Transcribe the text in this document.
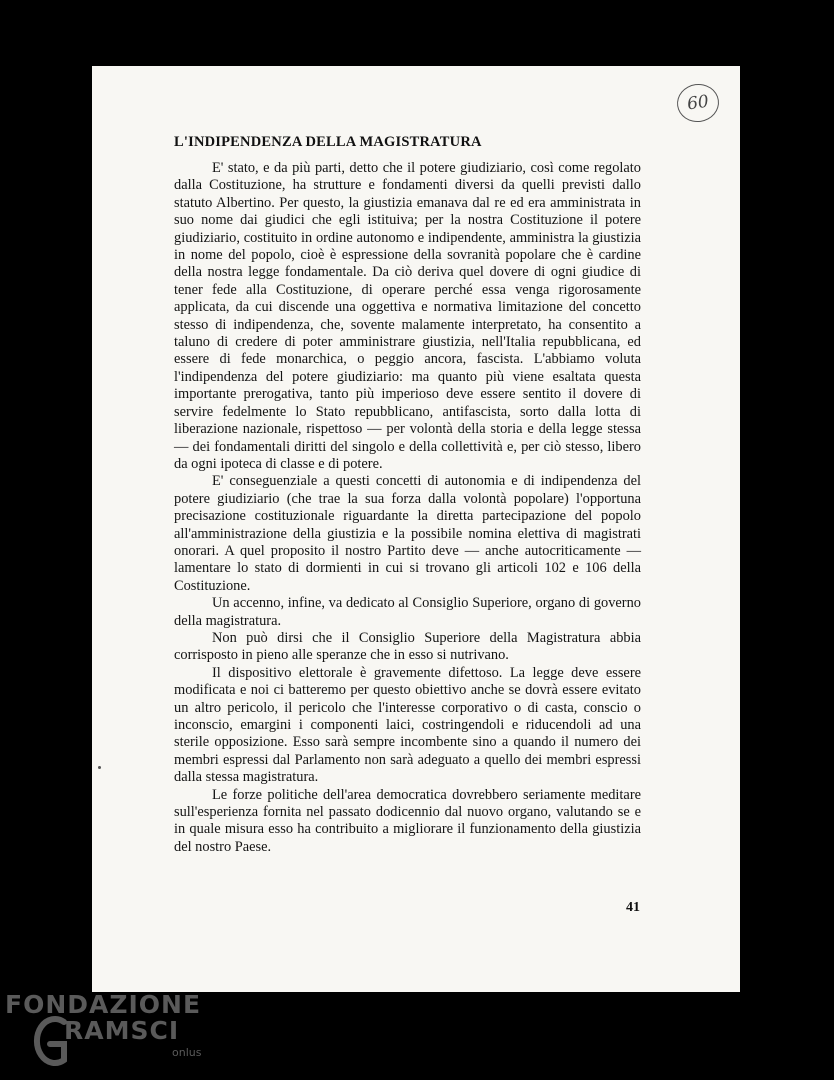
60
L'INDIPENDENZA DELLA MAGISTRATURA

E' stato, e da più parti, detto che il potere giudiziario, così come regolato dalla Costituzione, ha strutture e fondamenti diversi da quelli previsti dallo statuto Albertino. Per questo, la giustizia emanava dal re ed era amministrata in suo nome dai giudici che egli istituiva; per la nostra Costituzione il potere giudiziario, costituito in ordine autonomo e indipendente, amministra la giustizia in nome del popolo, cioè è espressione della sovranità popolare che è cardine della nostra legge fondamentale. Da ciò deriva quel dovere di ogni giudice di tener fede alla Costituzione, di operare perché essa venga rigorosamente applicata, da cui discende una oggettiva e normativa limitazione del concetto stesso di indipendenza, che, sovente malamente interpretato, ha consentito a taluno di credere di poter amministrare giustizia, nell'Italia repubblicana, ed essere di fede monarchica, o peggio ancora, fascista. L'abbiamo voluta l'indipendenza del potere giudiziario: ma quanto più viene esaltata questa importante prerogativa, tanto più imperioso deve essere sentito il dovere di servire fedelmente lo Stato repubblicano, antifascista, sorto dalla lotta di liberazione nazionale, rispettoso — per volontà della storia e della legge stessa — dei fondamentali diritti del singolo e della collettività e, per ciò stesso, libero da ogni ipoteca di classe e di potere.

E' conseguenziale a questi concetti di autonomia e di indipendenza del potere giudiziario (che trae la sua forza dalla volontà popolare) l'opportuna precisazione costituzionale riguardante la diretta partecipazione del popolo all'amministrazione della giustizia e la possibile nomina elettiva di magistrati onorari. A quel proposito il nostro Partito deve — anche autocriticamente — lamentare lo stato di dormienti in cui si trovano gli articoli 102 e 106 della Costituzione.

Un accenno, infine, va dedicato al Consiglio Superiore, organo di governo della magistratura.

Non può dirsi che il Consiglio Superiore della Magistratura abbia corrisposto in pieno alle speranze che in esso si nutrivano.

Il dispositivo elettorale è gravemente difettoso. La legge deve essere modificata e noi ci batteremo per questo obiettivo anche se dovrà essere evitato un altro pericolo, il pericolo che l'interesse corporativo o di casta, conscio o inconscio, emargini i componenti laici, costringendoli e riducendoli ad una sterile opposizione. Esso sarà sempre incombente sino a quando il numero dei membri espressi dal Parlamento non sarà adeguato a quello dei membri espressi dalla stessa magistratura.

Le forze politiche dell'area democratica dovrebbero seriamente meditare sull'esperienza fornita nel passato dodicennio dal nuovo organo, valutando se e in quale misura esso ha contribuito a migliorare il funzionamento della giustizia del nostro Paese.

41
FONDAZIONE
RAMSCI
onlus
